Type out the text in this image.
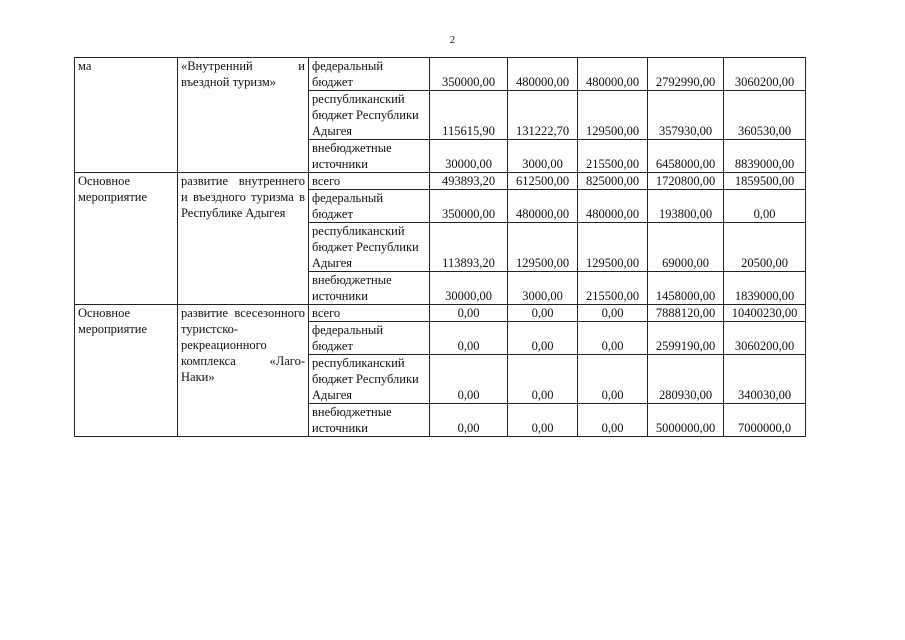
2
ма	«Внутренний и въездной туризм»	федеральный бюджет	350000,00	480000,00	480000,00	2792990,00	3060200,00
		республиканский бюджет Республики Адыгея	115615,90	131222,70	129500,00	357930,00	360530,00
		внебюджетные источники	30000,00	3000,00	215500,00	6458000,00	8839000,00
Основное мероприятие	развитие внутреннего и въездного туризма в Республике Адыгея	всего	493893,20	612500,00	825000,00	1720800,00	1859500,00
		федеральный бюджет	350000,00	480000,00	480000,00	193800,00	0,00
		республиканский бюджет Республики Адыгея	113893,20	129500,00	129500,00	69000,00	20500,00
		внебюджетные источники	30000,00	3000,00	215500,00	1458000,00	1839000,00
Основное мероприятие	развитие всесезонного туристско-рекреационного комплекса «Лаго-Наки»	всего	0,00	0,00	0,00	7888120,00	10400230,00
		федеральный бюджет	0,00	0,00	0,00	2599190,00	3060200,00
		республиканский бюджет Республики Адыгея	0,00	0,00	0,00	280930,00	340030,00
		внебюджетные источники	0,00	0,00	0,00	5000000,00	7000000,0
